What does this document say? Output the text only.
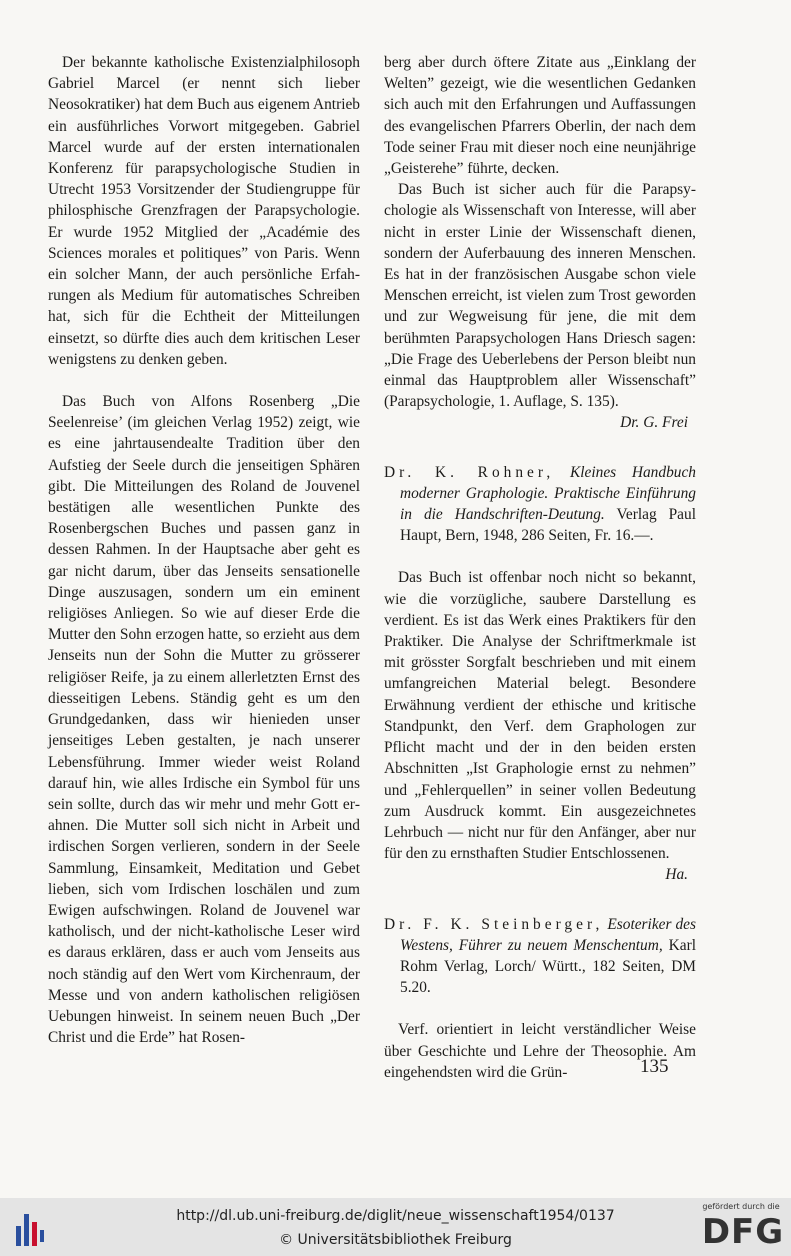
Der bekannte katholische Existenzialphilosoph Gabriel Marcel (er nennt sich lieber Neosokratiker) hat dem Buch aus eigenem Antrieb ein ausführliches Vorwort mitgegeben. Gabriel Marcel wurde auf der ersten internationalen Konferenz für parapsychologische Studien in Utrecht 1953 Vorsitzender der Studiengruppe für philosphische Grenzfragen der Parapsychologie. Er wurde 1952 Mitglied der „Académie des Sciences morales et politiques” von Paris. Wenn ein solcher Mann, der auch persönliche Erfahrungen als Medium für automatisches Schreiben hat, sich für die Echtheit der Mitteilungen einsetzt, so dürfte dies auch dem kritischen Leser wenigstens zu denken geben.

Das Buch von Alfons Rosenberg „Die Seelenreise’ (im gleichen Verlag 1952) zeigt, wie es eine jahrtausendealte Tradition über den Aufstieg der Seele durch die jenseitigen Sphären gibt. Die Mitteilungen des Roland de Jouvenel bestätigen alle wesentlichen Punkte des Rosenbergschen Buches und passen ganz in dessen Rahmen. In der Hauptsache aber geht es gar nicht darum, über das Jenseits sensationelle Dinge auszusagen, sondern um ein eminent religiöses Anliegen. So wie auf dieser Erde die Mutter den Sohn erzogen hatte, so erzieht aus dem Jenseits nun der Sohn die Mutter zu grösserer religiöser Reife, ja zu einem allerletzten Ernst des diesseitigen Lebens. Ständig geht es um den Grundgedanken, dass wir hienieden unser jenseitiges Leben gestalten, je nach unserer Lebensführung. Immer wieder weist Roland darauf hin, wie alles Irdische ein Symbol für uns sein sollte, durch das wir mehr und mehr Gott erahnen. Die Mutter soll sich nicht in Arbeit und irdischen Sorgen verlieren, sondern in der Seele Sammlung, Einsamkeit, Meditation und Gebet lieben, sich vom Irdischen loschälen und zum Ewigen aufschwingen. Roland de Jouvenel war katholisch, und der nicht-katholische Leser wird es daraus erklären, dass er auch vom Jenseits aus noch ständig auf den Wert vom Kirchenraum, der Messe und von andern katholischen religiösen Uebungen hinweist. In seinem neuen Buch „Der Christ und die Erde” hat Rosen-

berg aber durch öftere Zitate aus „Einklang der Welten” gezeigt, wie die wesentlichen Gedanken sich auch mit den Erfahrungen und Auffassungen des evangelischen Pfarrers Oberlin, der nach dem Tode seiner Frau mit dieser noch eine neunjährige „Geisterehe” führte, decken.

Das Buch ist sicher auch für die Parapsychologie als Wissenschaft von Interesse, will aber nicht in erster Linie der Wissenschaft dienen, sondern der Auferbauung des inneren Menschen. Es hat in der französischen Ausgabe schon viele Menschen erreicht, ist vielen zum Trost geworden und zur Wegweisung für jene, die mit dem berühmten Parapsychologen Hans Driesch sagen: „Die Frage des Ueberlebens der Person bleibt nun einmal das Hauptproblem aller Wissenschaft” (Parapsychologie, 1. Auflage, S. 135).

Dr. G. Frei

Dr. K. Rohner, Kleines Handbuch moderner Graphologie. Praktische Einführung in die Handschriften-Deutung. Verlag Paul Haupt, Bern, 1948, 286 Seiten, Fr. 16.—.

Das Buch ist offenbar noch nicht so bekannt, wie die vorzügliche, saubere Darstellung es verdient. Es ist das Werk eines Praktikers für den Praktiker. Die Analyse der Schriftmerkmale ist mit grösster Sorgfalt beschrieben und mit einem umfangreichen Material belegt. Besondere Erwähnung verdient der ethische und kritische Standpunkt, den Verf. dem Graphologen zur Pflicht macht und der in den beiden ersten Abschnitten „Ist Graphologie ernst zu nehmen” und „Fehlerquellen” in seiner vollen Bedeutung zum Ausdruck kommt. Ein ausgezeichnetes Lehrbuch — nicht nur für den Anfänger, aber nur für den zu ernsthaften Studier Entschlossenen.

Ha.

Dr. F. K. Steinberger, Esoteriker des Westens, Führer zu neuem Menschentum, Karl Rohm Verlag, Lorch/ Württ., 182 Seiten, DM 5.20.

Verf. orientiert in leicht verständlicher Weise über Geschichte und Lehre der Theosophie. Am eingehendsten wird die Grün-	135
http://dl.ub.uni-freiburg.de/diglit/neue_wissenschaft1954/0137
© Universitätsbibliothek Freiburg
gefördert durch die
DFG
